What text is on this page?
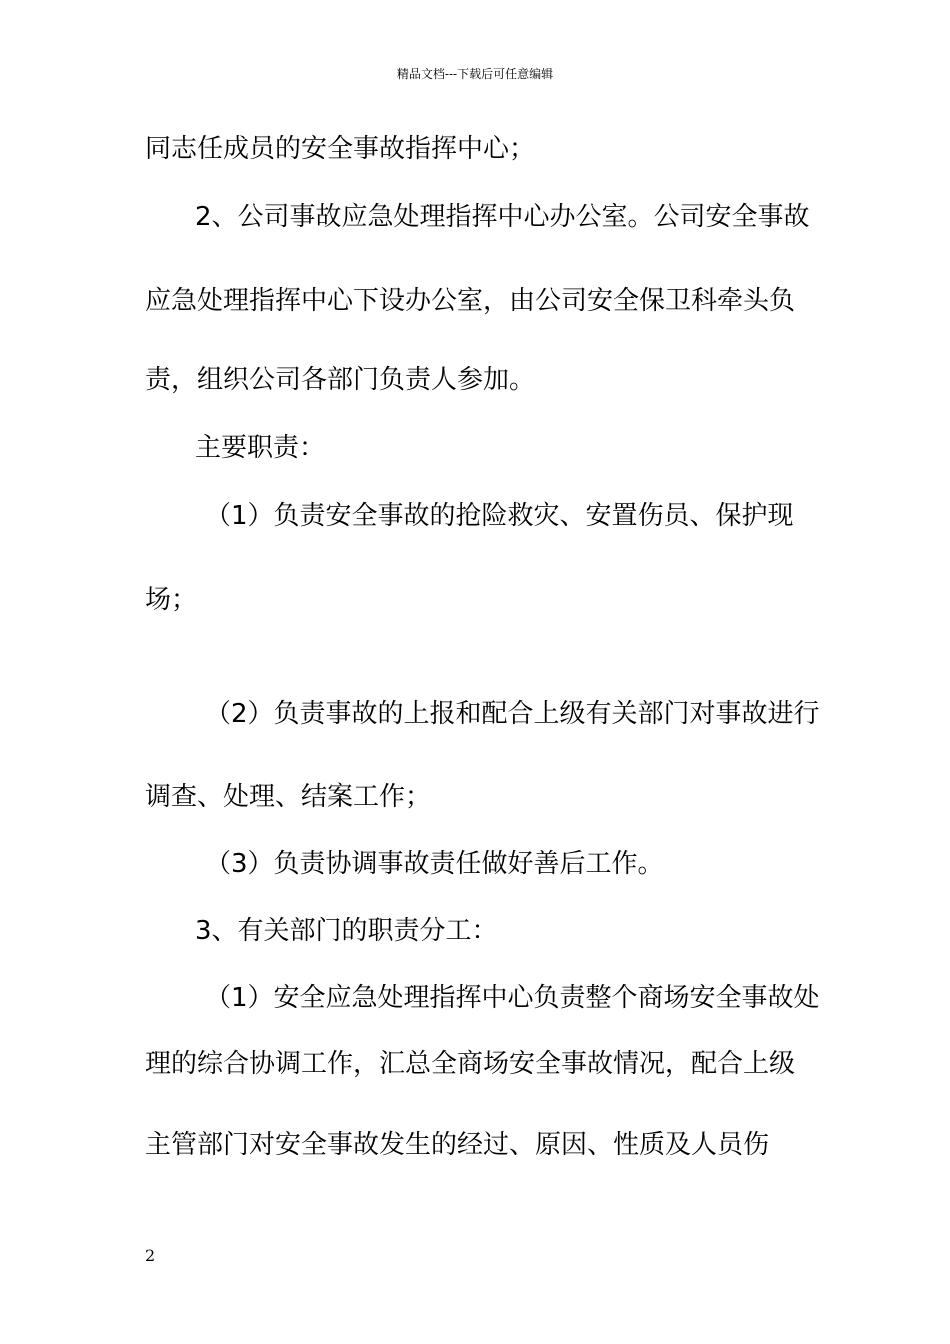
精品文档---下载后可任意编辑
同志任成员的安全事故指挥中心；
2、公司事故应急处理指挥中心办公室。公司安全事故
应急处理指挥中心下设办公室，由公司安全保卫科牵头负
责，组织公司各部门负责人参加。
主要职责：
（1）负责安全事故的抢险救灾、安置伤员、保护现
场；
（2）负责事故的上报和配合上级有关部门对事故进行
调查、处理、结案工作；
（3）负责协调事故责任做好善后工作。
3、有关部门的职责分工：
（1）安全应急处理指挥中心负责整个商场安全事故处
理的综合协调工作，汇总全商场安全事故情况，配合上级
主管部门对安全事故发生的经过、原因、性质及人员伤
2
